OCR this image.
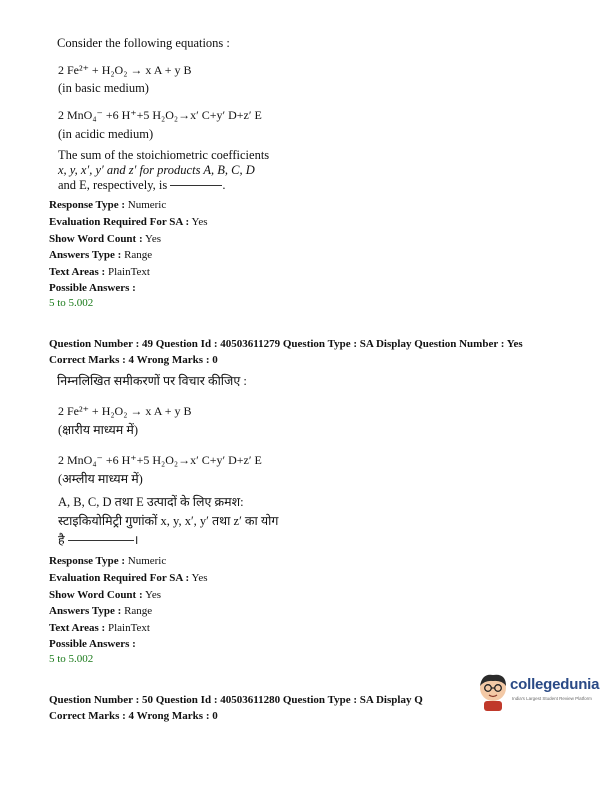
Consider the following equations :
2 Fe²⁺ + H₂O₂ → x A + y B
(in basic medium)
2 MnO₄⁻ +6 H⁺+5 H₂O₂→x′ C+y′ D+z′ E
(in acidic medium)
The sum of the stoichiometric coefficients
x, y, x′, y′ and z′ for products A, B, C, D
and E, respectively, is	.
Response Type : Numeric
Evaluation Required For SA : Yes
Show Word Count : Yes
Answers Type : Range
Text Areas : PlainText
Possible Answers :
5 to 5.002
Question Number : 49 Question Id : 40503611279 Question Type : SA Display Question Number : Yes
Correct Marks : 4 Wrong Marks : 0
निम्नलिखित समीकरणों पर विचार कीजिए :
2 Fe²⁺ + H₂O₂ → x A + y B
(क्षारीय माध्यम में)
2 MnO₄⁻ +6 H⁺+5 H₂O₂→x′ C+y′ D+z′ E
(अम्लीय माध्यम में)
A, B, C, D तथा E उत्पादों के लिए क्रमश:
स्टाइकियोमिट्री गुणांकों x, y, x′, y′ तथा z′ का योग
है	।
Response Type : Numeric
Evaluation Required For SA : Yes
Show Word Count : Yes
Answers Type : Range
Text Areas : PlainText
Possible Answers :
5 to 5.002
Question Number : 50 Question Id : 40503611280 Question Type : SA Display Q
Correct Marks : 4 Wrong Marks : 0
collegedunia
India's Largest Student Review Platform
